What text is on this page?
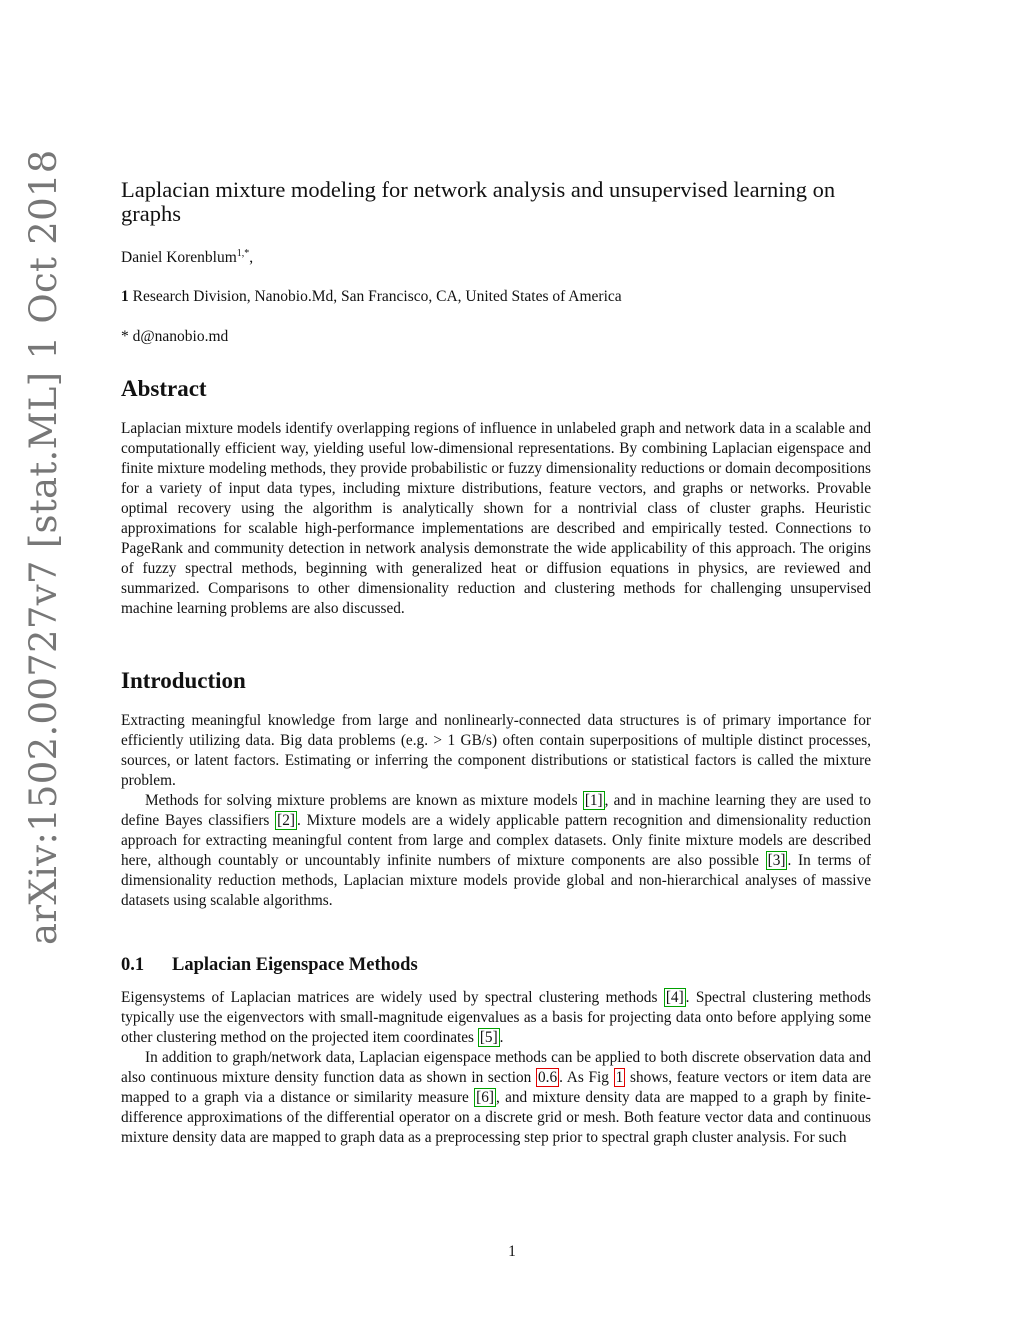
arXiv:1502.00727v7 [stat.ML] 1 Oct 2018 Laplacian mixture modeling for network analysis and unsupervised learning on graphs
Daniel Korenblum$^{1,*}$,
1 Research Division, Nanobio.Md, San Francisco, CA, United States of America
* d@nanobio.md
Abstract

Laplacian mixture models identify overlapping regions of influence in unlabeled graph and network data in a scalable and computationally efficient way, yielding useful low-dimensional representations. By combining Laplacian eigenspace and finite mixture modeling methods, they provide probabilistic or fuzzy dimensionality reductions or domain decompositions for a variety of input data types, including mixture distributions, feature vectors, and graphs or networks. Provable optimal recovery using the algorithm is analytically shown for a nontrivial class of cluster graphs. Heuristic approximations for scalable high-performance implementations are described and empirically tested. Connections to PageRank and community detection in network analysis demonstrate the wide applicability of this approach. The origins of fuzzy spectral methods, beginning with generalized heat or diffusion equations in physics, are reviewed and summarized. Comparisons to other dimensionality reduction and clustering methods for challenging unsupervised machine learning problems are also discussed.

Introduction

Extracting meaningful knowledge from large and nonlinearly-connected data structures is of primary importance for efficiently utilizing data. Big data problems (e.g. > 1 GB/s) often contain superpositions of multiple distinct processes, sources, or latent factors. Estimating or inferring the component distributions or statistical factors is called the mixture problem.

Methods for solving mixture problems are known as mixture models [1] , and in machine learning they are used to define Bayes classifiers [2] . Mixture models are a widely applicable pattern recognition and dimensionality reduction approach for extracting meaningful content from large and complex datasets. Only finite mixture models are described here, although countably or uncountably infinite numbers of mixture components are also possible [3] . In terms of dimensionality reduction methods, Laplacian mixture models provide global and non-hierarchical analyses of massive datasets using scalable algorithms.

0.1 Laplacian Eigenspace Methods

Eigensystems of Laplacian matrices are widely used by spectral clustering methods [4] . Spectral clustering methods typically use the eigenvectors with small-magnitude eigenvalues as a basis for projecting data onto before applying some other clustering method on the projected item coordinates [5] .

In addition to graph/network data, Laplacian eigenspace methods can be applied to both discrete observation data and also continuous mixture density function data as shown in section 0.6 . As Fig 1 shows, feature vectors or item data are mapped to a graph via a distance or similarity measure [6] , and mixture density data are mapped to a graph by finite-difference approximations of the differential operator on a discrete grid or mesh. Both feature vector data and continuous mixture density data are mapped to graph data as a preprocessing step prior to spectral graph cluster analysis. For such

1
